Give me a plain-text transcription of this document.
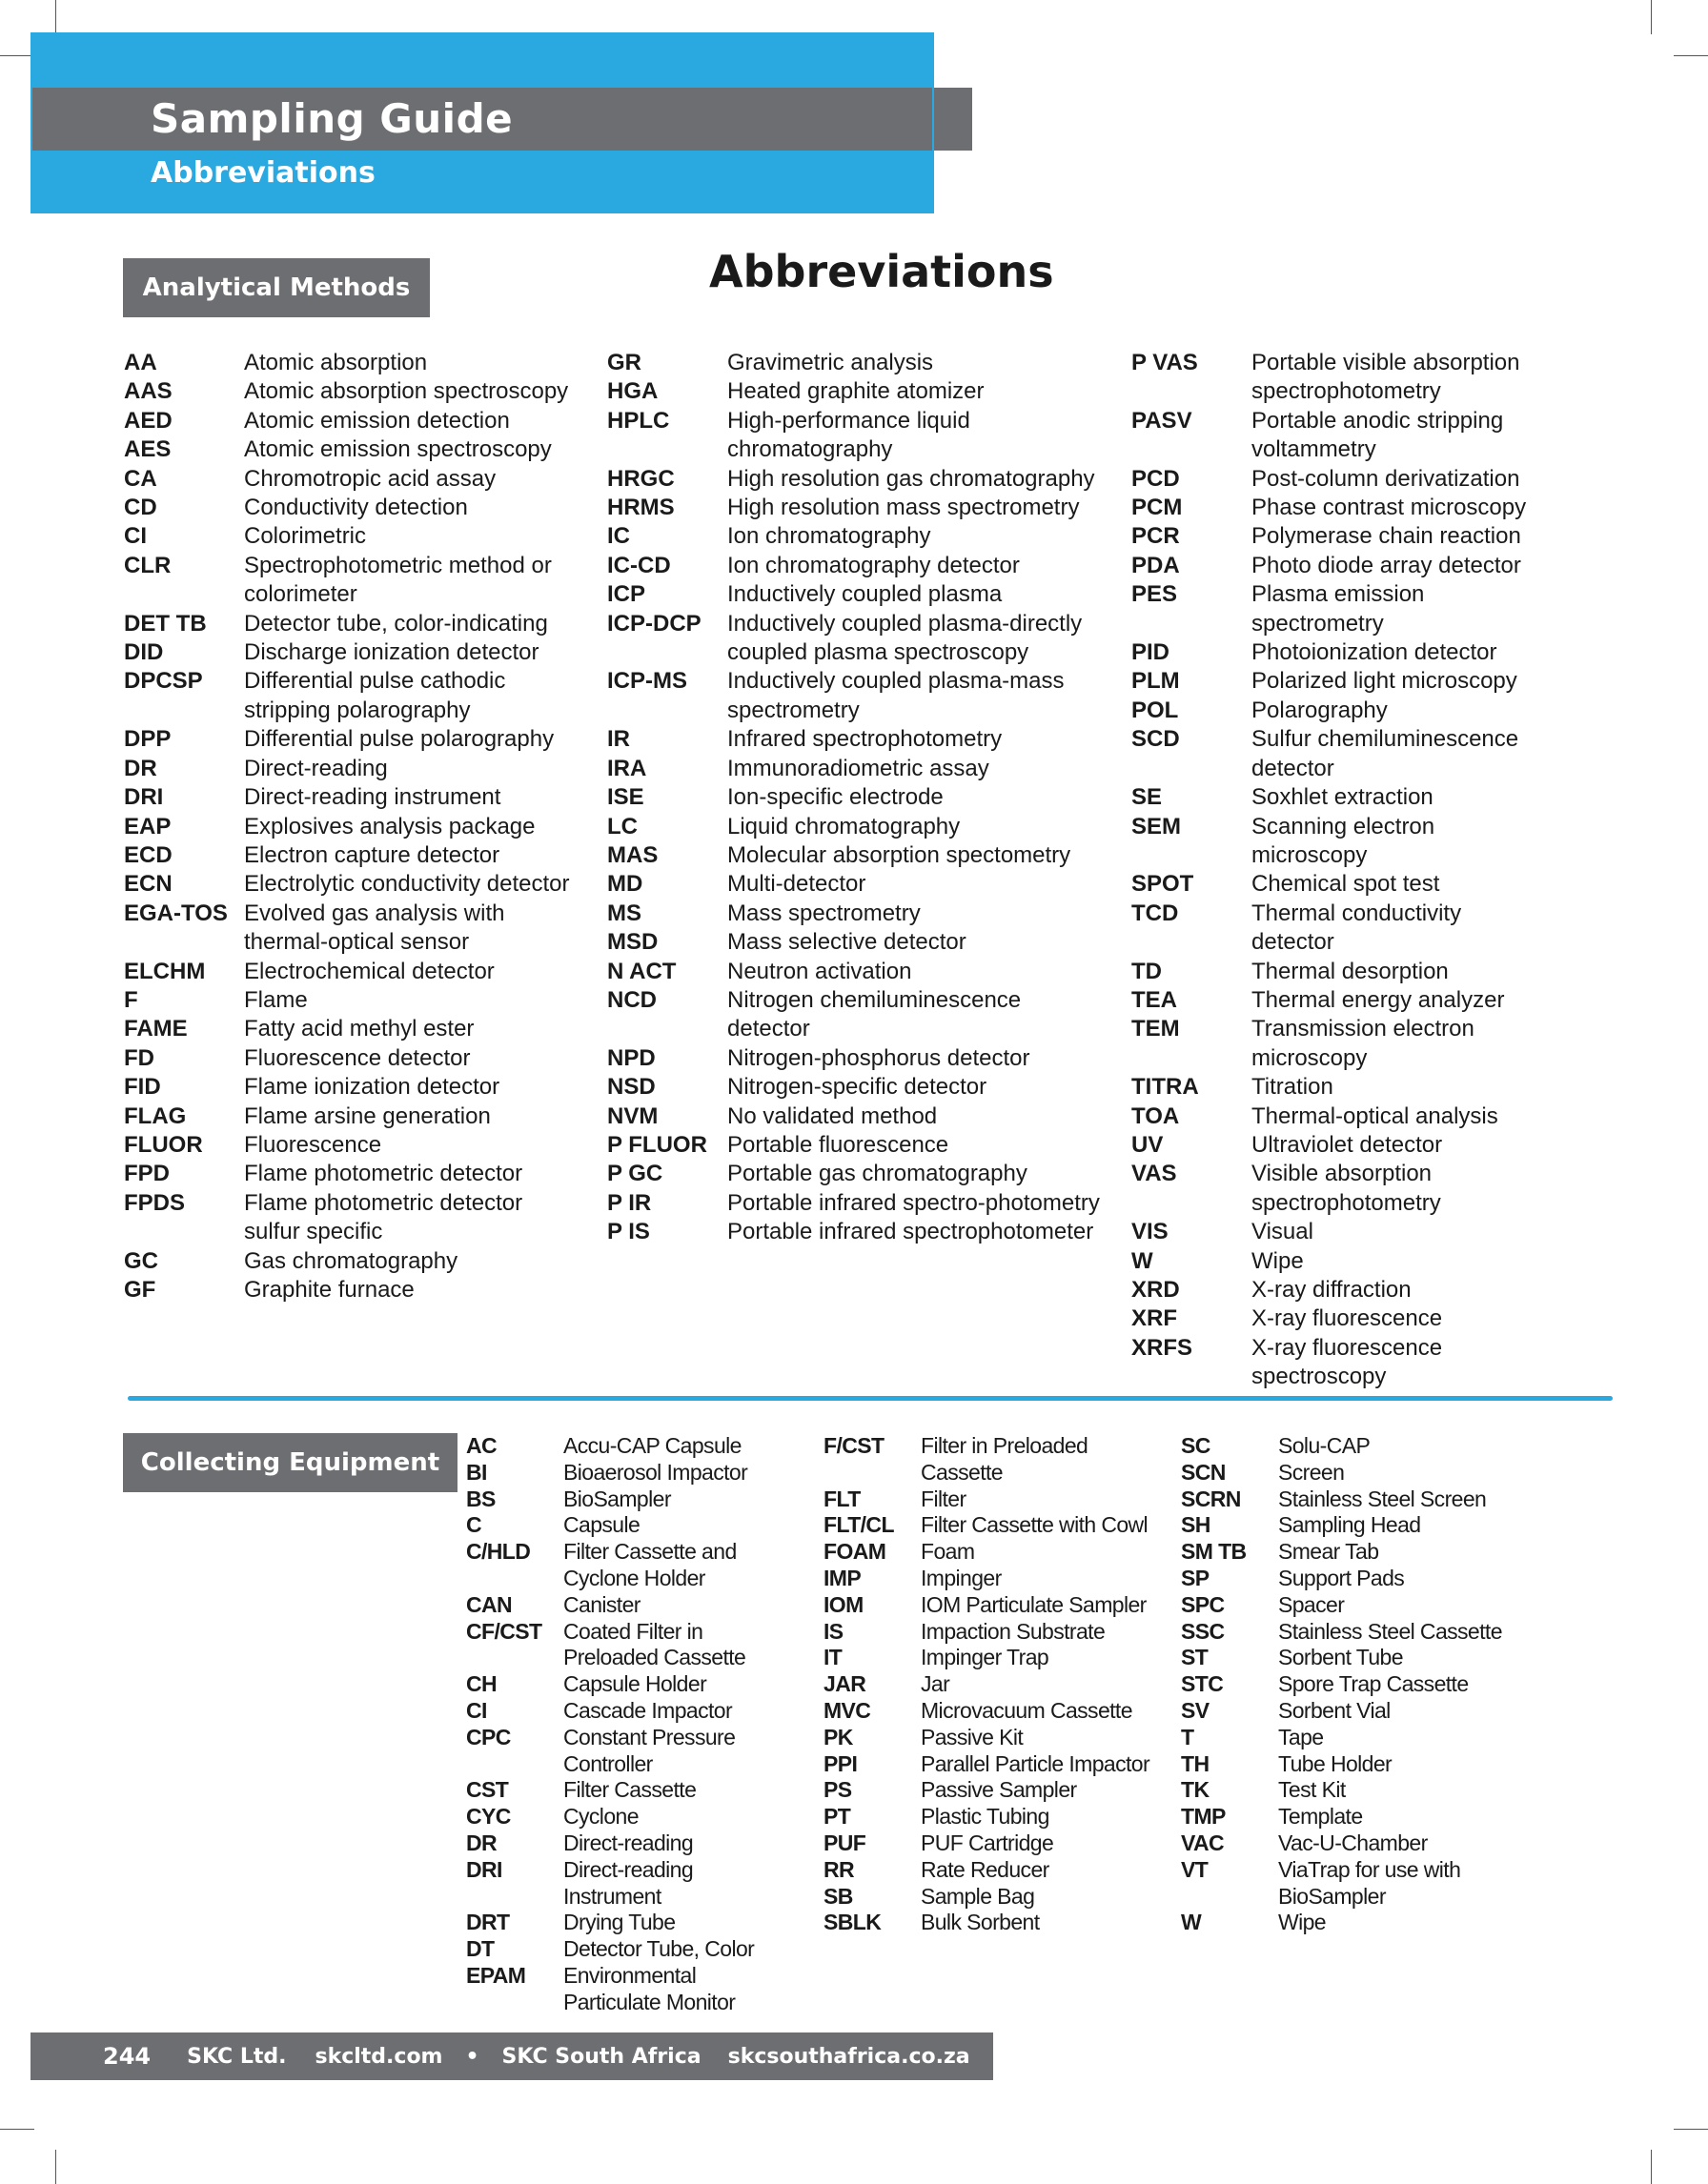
Sampling Guide
Abbreviations
Analytical Methods	Abbreviations
AA	Atomic absorption
AAS	Atomic absorption spectroscopy
AED	Atomic emission detection
AES	Atomic emission spectroscopy
CA	Chromotropic acid assay
CD	Conductivity detection
CI	Colorimetric
CLR	Spectrophotometric method or colorimeter
DET TB	Detector tube, color-indicating
DID	Discharge ionization detector
DPCSP	Differential pulse cathodic stripping polarography
DPP	Differential pulse polarography
DR	Direct-reading
DRI	Direct-reading instrument
EAP	Explosives analysis package
ECD	Electron capture detector
ECN	Electrolytic conductivity detector
EGA-TOS Evolved gas analysis with thermal-optical sensor
ELCHM	Electrochemical detector
F	Flame
FAME	Fatty acid methyl ester
FD	Fluorescence detector
FID	Flame ionization detector
FLAG	Flame arsine generation
FLUOR	Fluorescence
FPD	Flame photometric detector
FPDS	Flame photometric detector sulfur specific
GC	Gas chromatography
GF	Graphite furnace
GR	Gravimetric analysis
HGA	Heated graphite atomizer
HPLC	High-performance liquid chromatography
HRGC	High resolution gas chromatography
HRMS	High resolution mass spectrometry
IC	Ion chromatography
IC-CD	Ion chromatography detector
ICP	Inductively coupled plasma
ICP-DCP	Inductively coupled plasma-directly coupled plasma spectroscopy
ICP-MS	Inductively coupled plasma-mass spectrometry
IR	Infrared spectrophotometry
IRA	Immunoradiometric assay
ISE	Ion-specific electrode
LC	Liquid chromatography
MAS	Molecular absorption spectometry
MD	Multi-detector
MS	Mass spectrometry
MSD	Mass selective detector
N ACT	Neutron activation
NCD	Nitrogen chemiluminescence detector
NPD	Nitrogen-phosphorus detector
NSD	Nitrogen-specific detector
NVM	No validated method
P FLUOR Portable fluorescence
P GC	Portable gas chromatography
P IR	Portable infrared spectro-photometry
P IS	Portable infrared spectrophotometer
P VAS	Portable visible absorption spectrophotometry
PASV	Portable anodic stripping voltammetry
PCD	Post-column derivatization
PCM	Phase contrast microscopy
PCR	Polymerase chain reaction
PDA	Photo diode array detector
PES	Plasma emission spectrometry
PID	Photoionization detector
PLM	Polarized light microscopy
POL	Polarography
SCD	Sulfur chemiluminescence detector
SE	Soxhlet extraction
SEM	Scanning electron microscopy
SPOT	Chemical spot test
TCD	Thermal conductivity detector
TD	Thermal desorption
TEA	Thermal energy analyzer
TEM	Transmission electron microscopy
TITRA	Titration
TOA	Thermal-optical analysis
UV	Ultraviolet detector
VAS	Visible absorption spectrophotometry
VIS	Visual
W	Wipe
XRD	X-ray diffraction
XRF	X-ray fluorescence
XRFS	X-ray fluorescence spectroscopy
Collecting Equipment
AC	Accu-CAP Capsule
BI	Bioaerosol Impactor
BS	BioSampler
C	Capsule
C/HLD	Filter Cassette and Cyclone Holder
CAN	Canister
CF/CST Coated Filter in Preloaded Cassette
CH	Capsule Holder
CI	Cascade Impactor
CPC	Constant Pressure Controller
CST	Filter Cassette
CYC	Cyclone
DR	Direct-reading
DRI	Direct-reading Instrument
DRT	Drying Tube
DT	Detector Tube, Color
EPAM	Environmental Particulate Monitor
F/CST	Filter in Preloaded Cassette
FLT	Filter
FLT/CL	Filter Cassette with Cowl
FOAM	Foam
IMP	Impinger
IOM	IOM Particulate Sampler
IS	Impaction Substrate
IT	Impinger Trap
JAR	Jar
MVC	Microvacuum Cassette
PK	Passive Kit
PPI	Parallel Particle Impactor
PS	Passive Sampler
PT	Plastic Tubing
PUF	PUF Cartridge
RR	Rate Reducer
SB	Sample Bag
SBLK	Bulk Sorbent
SC	Solu-CAP
SCN	Screen
SCRN	Stainless Steel Screen
SH	Sampling Head
SM TB	Smear Tab
SP	Support Pads
SPC	Spacer
SSC	Stainless Steel Cassette
ST	Sorbent Tube
STC	Spore Trap Cassette
SV	Sorbent Vial
T	Tape
TH	Tube Holder
TK	Test Kit
TMP	Template
VAC	Vac-U-Chamber
VT	ViaTrap for use with BioSampler
W	Wipe
244 SKC Ltd. skcltd.com • SKC South Africa skcsouthafrica.co.za
